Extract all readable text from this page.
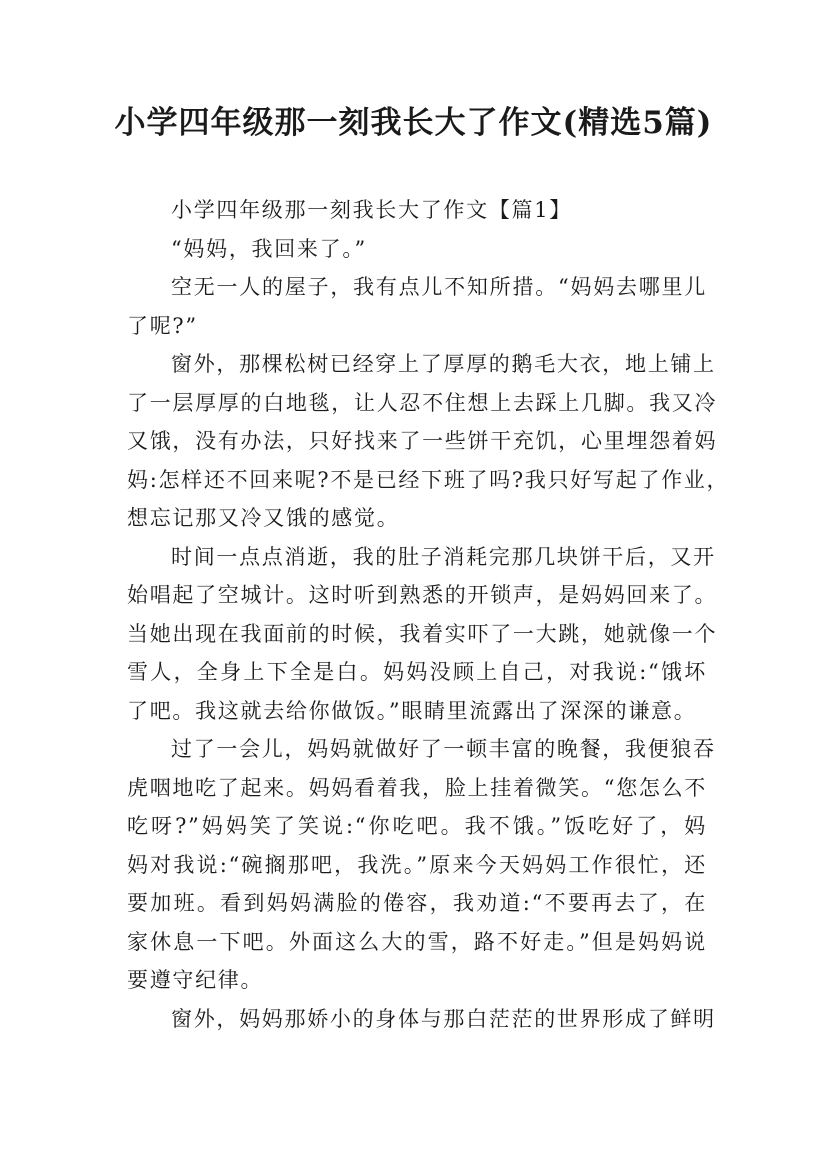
小学四年级那一刻我长大了作文(精选5篇)

小学四年级那一刻我长大了作文【篇1】

“妈妈，我回来了。”

空无一人的屋子，我有点儿不知所措。“妈妈去哪里儿

了呢?”

窗外，那棵松树已经穿上了厚厚的鹅毛大衣，地上铺上

了一层厚厚的白地毯，让人忍不住想上去踩上几脚。我又冷

又饿，没有办法，只好找来了一些饼干充饥，心里埋怨着妈

妈:怎样还不回来呢?不是已经下班了吗?我只好写起了作业，

想忘记那又冷又饿的感觉。

时间一点点消逝，我的肚子消耗完那几块饼干后，又开

始唱起了空城计。这时听到熟悉的开锁声，是妈妈回来了。

当她出现在我面前的时候，我着实吓了一大跳，她就像一个

雪人，全身上下全是白。妈妈没顾上自己，对我说:“饿坏

了吧。我这就去给你做饭。”眼睛里流露出了深深的谦意。

过了一会儿，妈妈就做好了一顿丰富的晚餐，我便狼吞

虎咽地吃了起来。妈妈看着我，脸上挂着微笑。“您怎么不

吃呀?”妈妈笑了笑说:“你吃吧。我不饿。”饭吃好了，妈

妈对我说:“碗搁那吧，我洗。”原来今天妈妈工作很忙，还

要加班。看到妈妈满脸的倦容，我劝道:“不要再去了，在

家休息一下吧。外面这么大的雪，路不好走。”但是妈妈说

要遵守纪律。

窗外，妈妈那娇小的身体与那白茫茫的世界形成了鲜明
